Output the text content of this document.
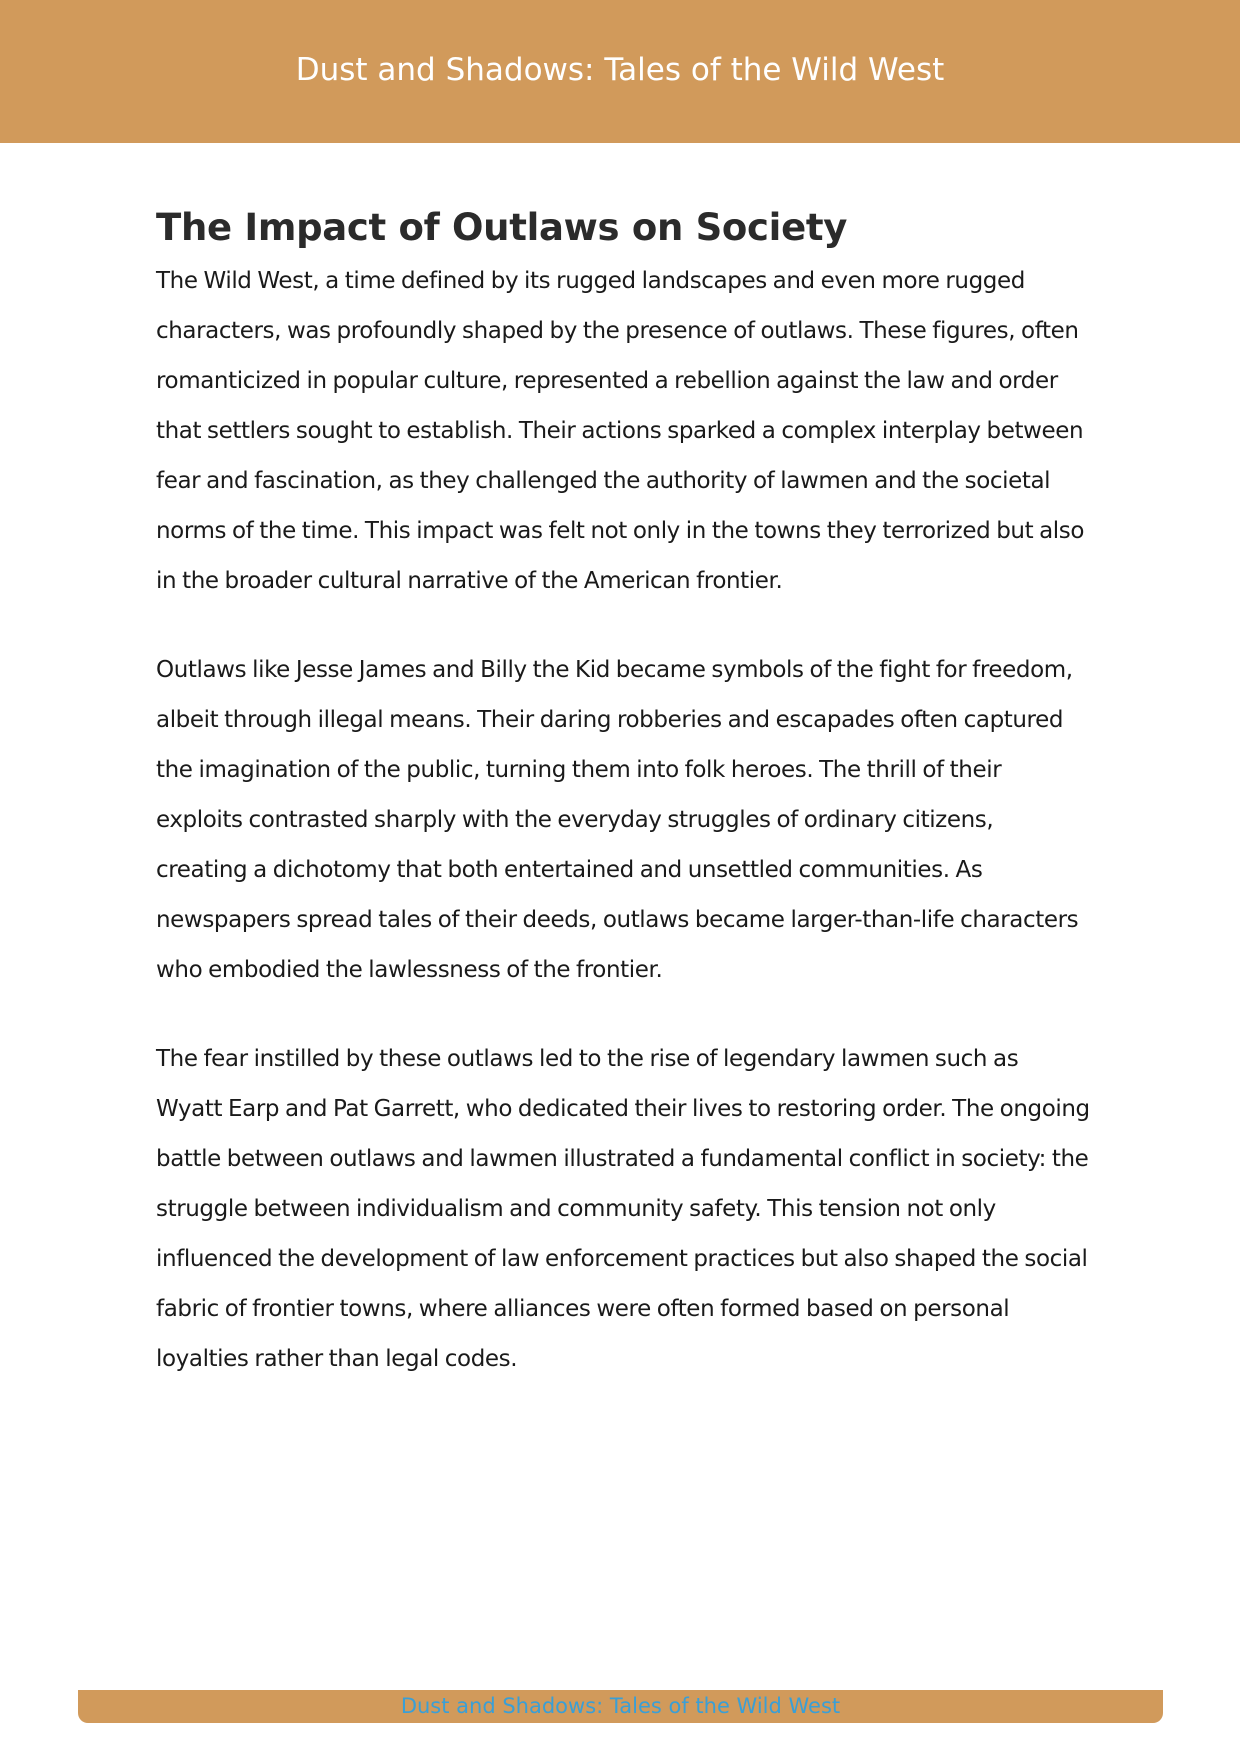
Dust and Shadows: Tales of the Wild West
The Impact of Outlaws on Society

The Wild West, a time defined by its rugged landscapes and even more rugged characters, was profoundly shaped by the presence of outlaws. These figures, often romanticized in popular culture, represented a rebellion against the law and order that settlers sought to establish. Their actions sparked a complex interplay between fear and fascination, as they challenged the authority of lawmen and the societal norms of the time. This impact was felt not only in the towns they terrorized but also in the broader cultural narrative of the American frontier.

Outlaws like Jesse James and Billy the Kid became symbols of the fight for freedom, albeit through illegal means. Their daring robberies and escapades often captured the imagination of the public, turning them into folk heroes. The thrill of their exploits contrasted sharply with the everyday struggles of ordinary citizens, creating a dichotomy that both entertained and unsettled communities. As newspapers spread tales of their deeds, outlaws became larger-than-life characters who embodied the lawlessness of the frontier.

The fear instilled by these outlaws led to the rise of legendary lawmen such as Wyatt Earp and Pat Garrett, who dedicated their lives to restoring order. The ongoing battle between outlaws and lawmen illustrated a fundamental conflict in society: the struggle between individualism and community safety. This tension not only influenced the development of law enforcement practices but also shaped the social fabric of frontier towns, where alliances were often formed based on personal loyalties rather than legal codes.

Dust and Shadows: Tales of the Wild West
